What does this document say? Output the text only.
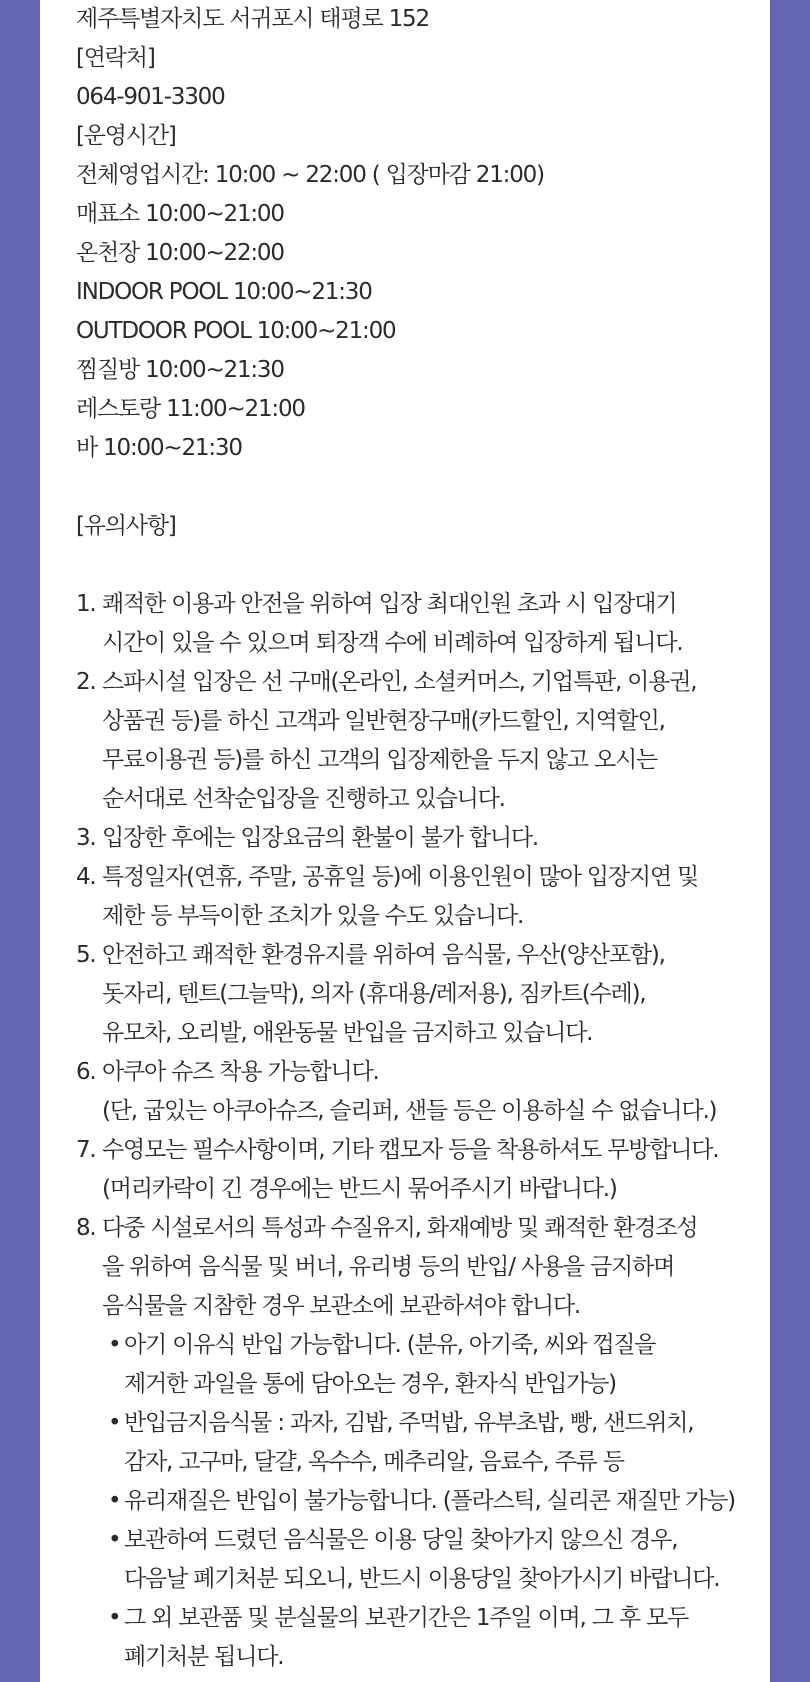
제주특별자치도 서귀포시 태평로 152
[연락처]
064-901-3300
[운영시간]
전체영업시간: 10:00 ~ 22:00 ( 입장마감 21:00)
매표소 10:00~21:00
온천장 10:00~22:00
INDOOR POOL 10:00~21:30
OUTDOOR POOL 10:00~21:00
찜질방 10:00~21:30
레스토랑 11:00~21:00
바 10:00~21:30
[유의사항]
1. 쾌적한 이용과 안전을 위하여 입장 최대인원 초과 시 입장대기
시간이 있을 수 있으며 퇴장객 수에 비례하여 입장하게 됩니다.
2. 스파시설 입장은 선 구매(온라인, 소셜커머스, 기업특판, 이용권,
상품권 등)를 하신 고객과 일반현장구매(카드할인, 지역할인,
무료이용권 등)를 하신 고객의 입장제한을 두지 않고 오시는
순서대로 선착순입장을 진행하고 있습니다.
3. 입장한 후에는 입장요금의 환불이 불가 합니다.
4. 특정일자(연휴, 주말, 공휴일 등)에 이용인원이 많아 입장지연 및
제한 등 부득이한 조치가 있을 수도 있습니다.
5. 안전하고 쾌적한 환경유지를 위하여 음식물, 우산(양산포함),
돗자리, 텐트(그늘막), 의자 (휴대용/레저용), 짐카트(수레),
유모차, 오리발, 애완동물 반입을 금지하고 있습니다.
6. 아쿠아 슈즈 착용 가능합니다.
(단, 굽있는 아쿠아슈즈, 슬리퍼, 샌들 등은 이용하실 수 없습니다.)
7. 수영모는 필수사항이며, 기타 캡모자 등을 착용하셔도 무방합니다.
(머리카락이 긴 경우에는 반드시 묶어주시기 바랍니다.)
8. 다중 시설로서의 특성과 수질유지, 화재예방 및 쾌적한 환경조성
을 위하여 음식물 및 버너, 유리병 등의 반입/ 사용을 금지하며
음식물을 지참한 경우 보관소에 보관하셔야 합니다.
• 아기 이유식 반입 가능합니다. (분유, 아기죽, 씨와 껍질을
제거한 과일을 통에 담아오는 경우, 환자식 반입가능)
• 반입금지음식물 : 과자, 김밥, 주먹밥, 유부초밥, 빵, 샌드위치,
감자, 고구마, 달걀, 옥수수, 메추리알, 음료수, 주류 등
• 유리재질은 반입이 불가능합니다. (플라스틱, 실리콘 재질만 가능)
• 보관하여 드렸던 음식물은 이용 당일 찾아가지 않으신 경우,
다음날 폐기처분 되오니, 반드시 이용당일 찾아가시기 바랍니다.
• 그 외 보관품 및 분실물의 보관기간은 1주일 이며, 그 후 모두
폐기처분 됩니다.
